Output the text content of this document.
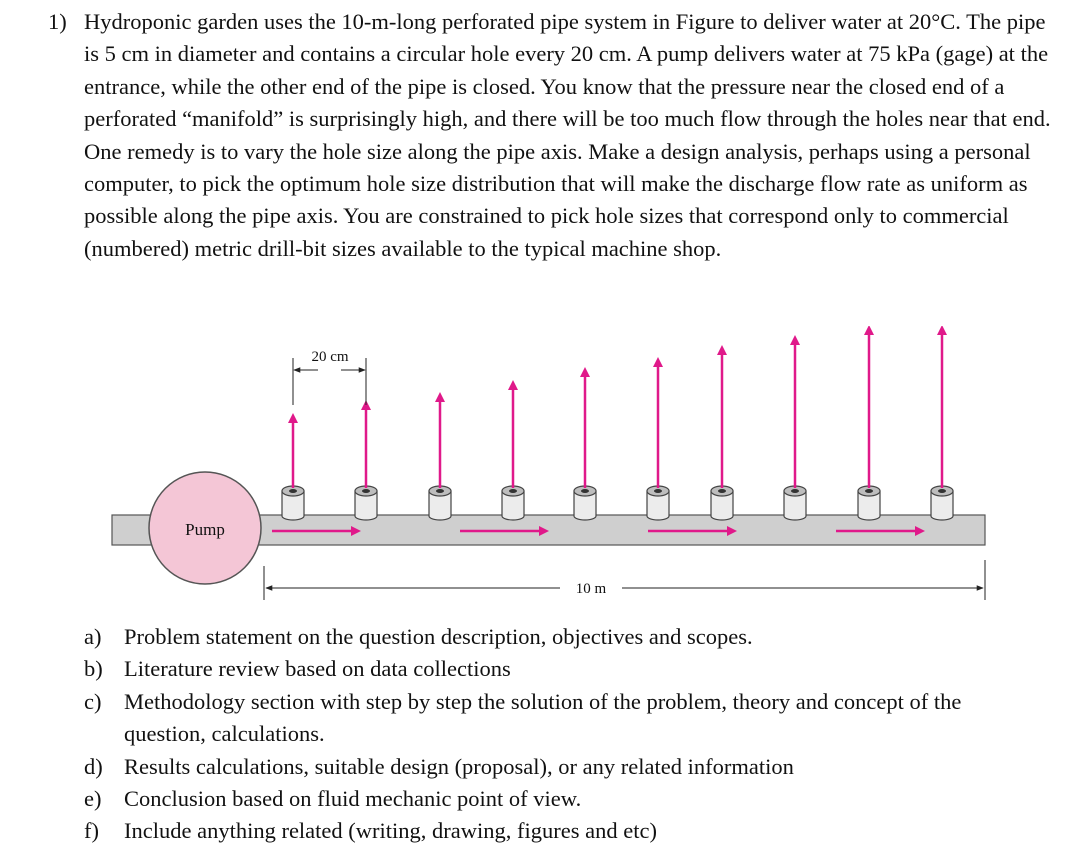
1) Hydroponic garden uses the 10-m-long perforated pipe system in Figure to deliver water at 20°C. The pipe is 5 cm in diameter and contains a circular hole every 20 cm. A pump delivers water at 75 kPa (gage) at the entrance, while the other end of the pipe is closed. You know that the pressure near the closed end of a perforated “manifold” is surprisingly high, and there will be too much flow through the holes near that end. One remedy is to vary the hole size along the pipe axis. Make a design analysis, perhaps using a personal computer, to pick the optimum hole size distribution that will make the discharge flow rate as uniform as possible along the pipe axis. You are constrained to pick hole sizes that correspond only to commercial (numbered) metric drill-bit sizes available to the typical machine shop.
Pump
20 cm
10 m
a)	Problem statement on the question description, objectives and scopes.
b) Literature review based on data collections
c)	Methodology section with step by step the solution of the problem, theory and concept of the question, calculations.
d) Results calculations, suitable design (proposal), or any related information
e)	Conclusion based on fluid mechanic point of view.
f)	Include anything related (writing, drawing, figures and etc)
